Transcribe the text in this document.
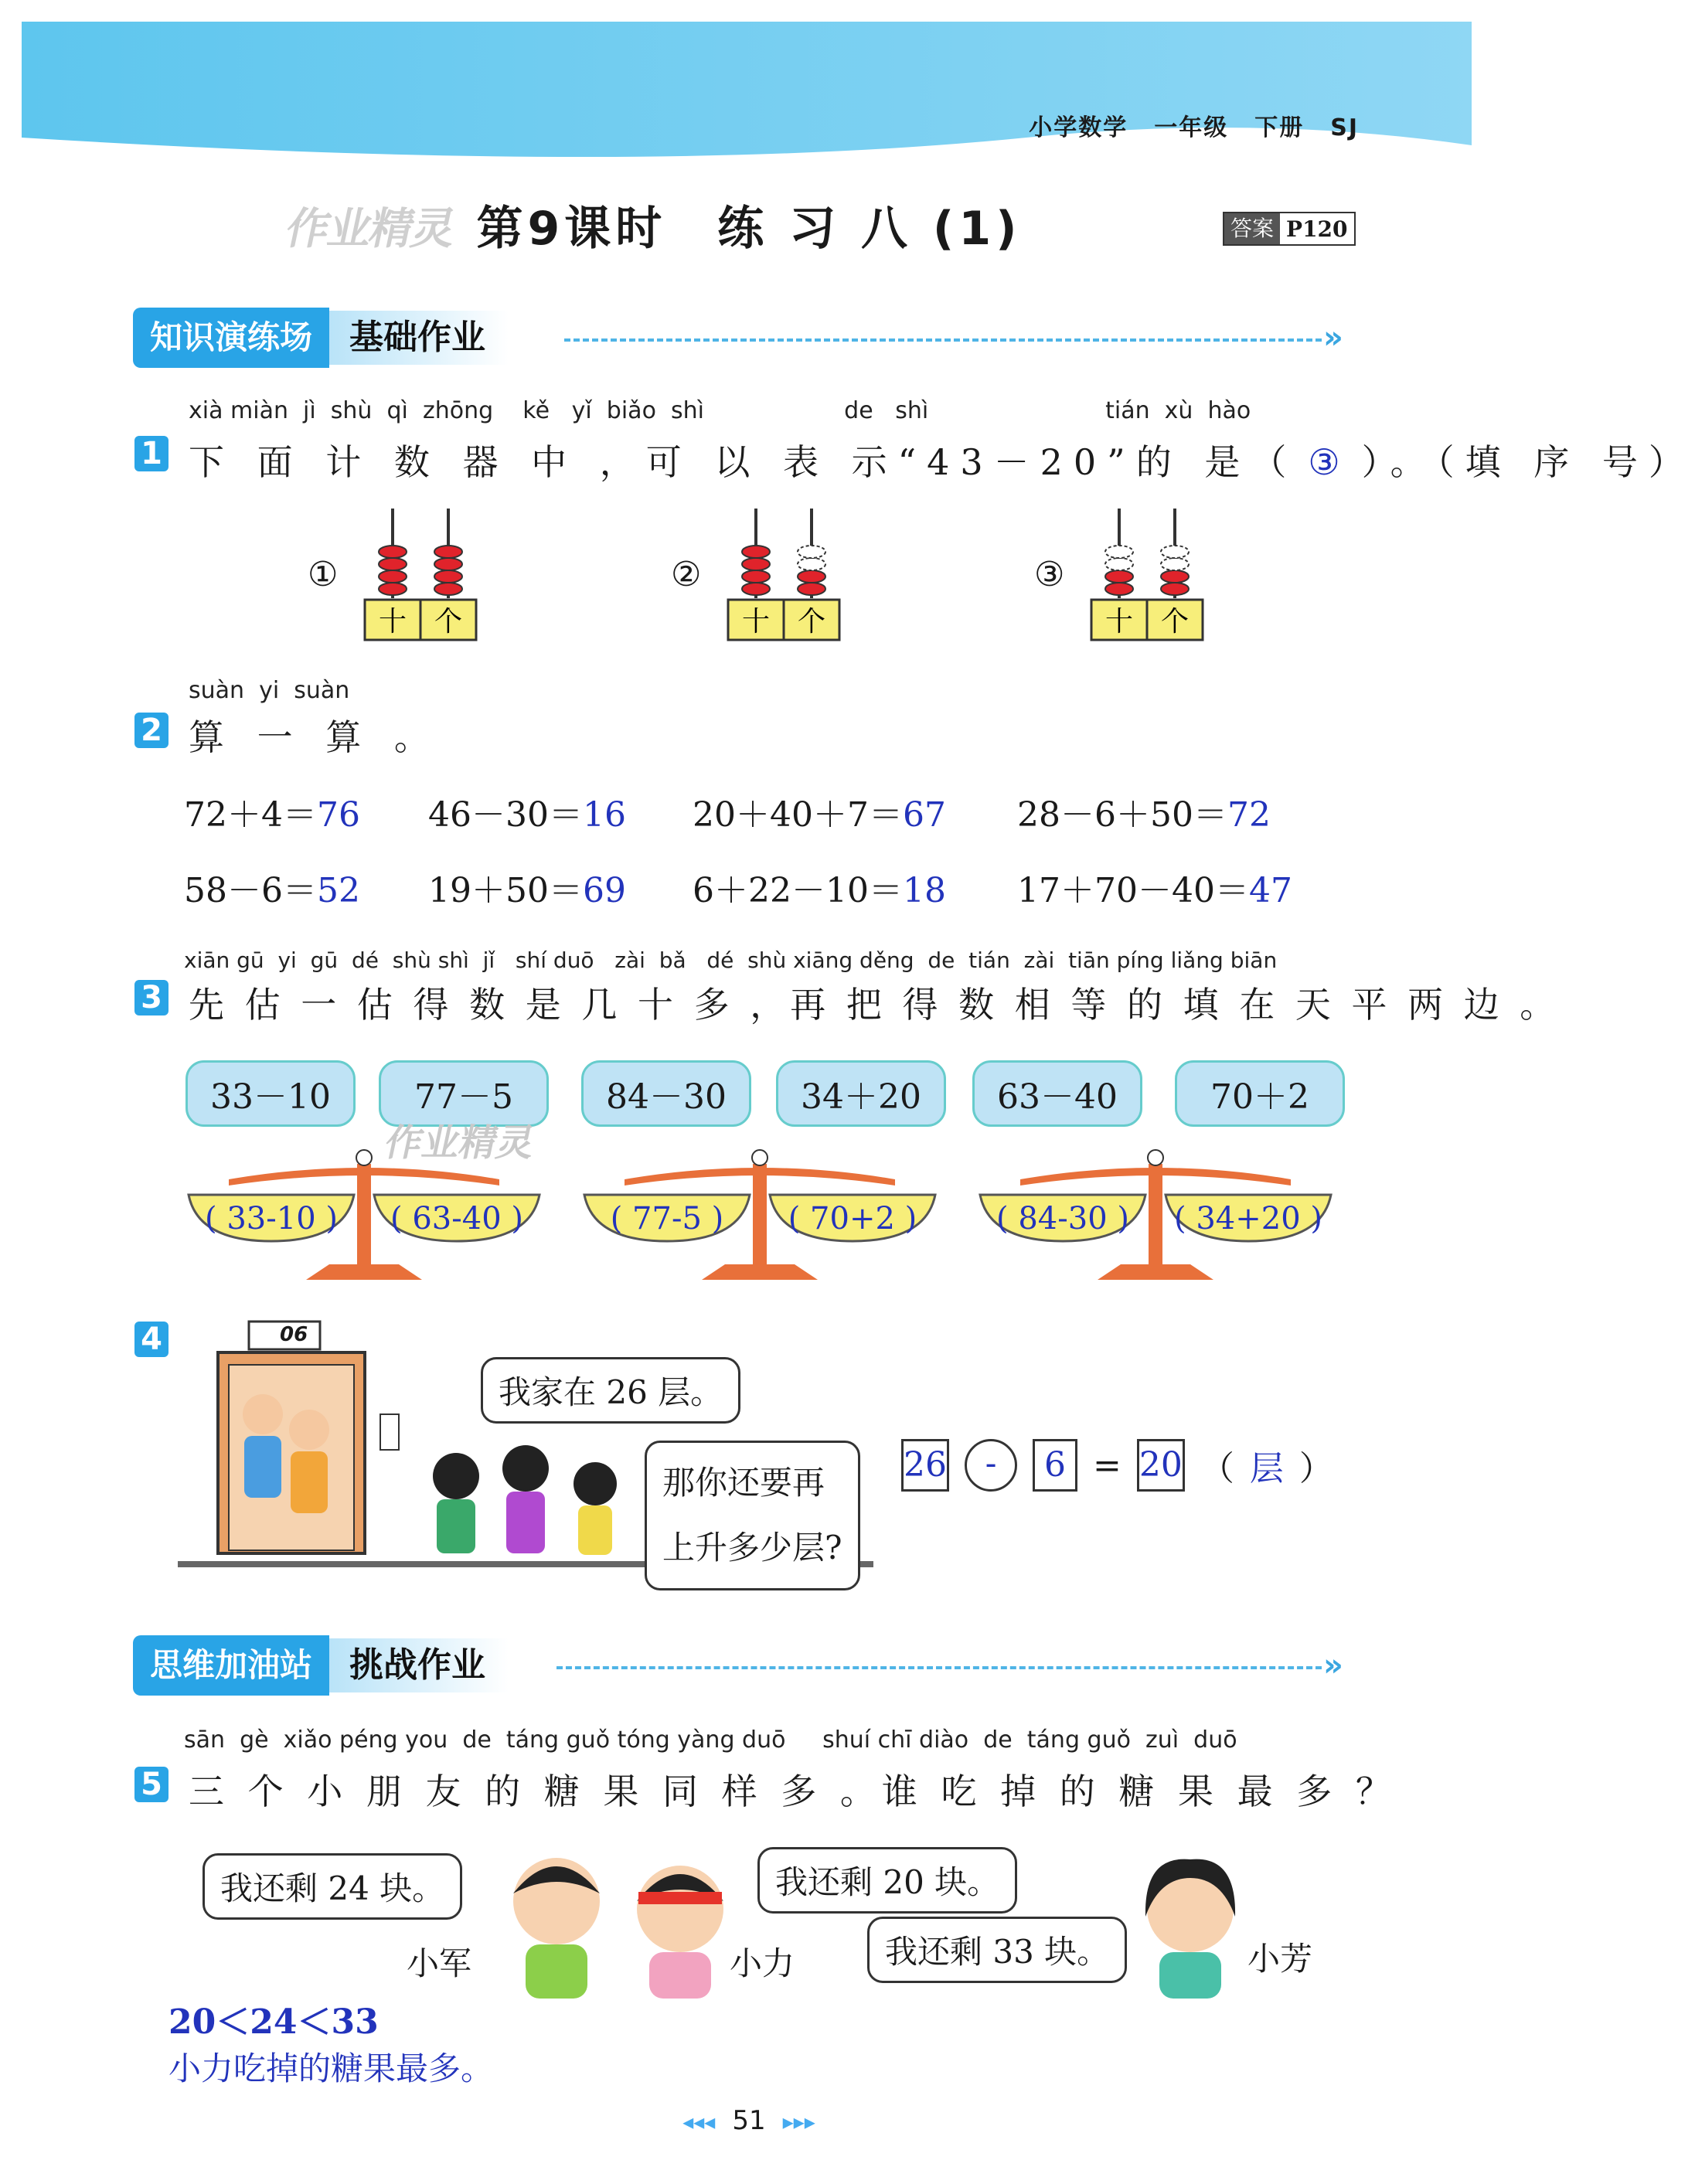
小学数学 一年级 下册 SJ
作业精灵 第9课时　练 习 八 (1)	答案 P120
知识演练场	基础作业	»
xià miàn  jì  shù  qì  zhōng    kě   yǐ  biǎo  shì                   de   shì                        tián  xù  hào
1 下 面 计 数 器 中 ，可 以 表 示“43－20”的 是（ ③ ）。（填 序 号）
①
十 个
②
十 个
③
十 个
suàn  yi  suàn
2 算 一 算 。
72＋4＝76 46－30＝16 20＋40＋7＝67 28－6＋50＝72
58－6＝52 19＋50＝69 6＋22－10＝18 17＋70－40＝47
xiān gū  yi  gū  dé  shù shì  jǐ   shí duō   zài  bǎ   dé  shù xiāng děng  de  tián  zài  tiān píng liǎng biān
3 先 估 一 估 得 数 是 几 十 多 ，再 把 得 数 相 等 的 填 在 天 平 两 边 。
33－10	77－5	84－30	34＋20	63－40	70＋2
作业精灵
( 33-10 ) ( 63-40 )	( 77-5 ) ( 70+2 )	( 84-30 ) ( 34+20 )
4	06
我家在 26 层。
那你还要再
上升多少层?
26	-	6 = 20 （ 层 ）
思维加油站	挑战作业	»
sān  gè  xiǎo péng you  de  táng guǒ tóng yàng duō     shuí chī diào  de  táng guǒ  zuì  duō
5 三 个 小 朋 友 的 糖 果 同 样 多 。谁 吃 掉 的 糖 果 最 多 ？
我还剩 24 块。	我还剩 20 块。
我还剩 33 块。
小军	小力	小芳
20＜24＜33
小力吃掉的糖果最多。
◂◂◂ 51 ▸▸▸
